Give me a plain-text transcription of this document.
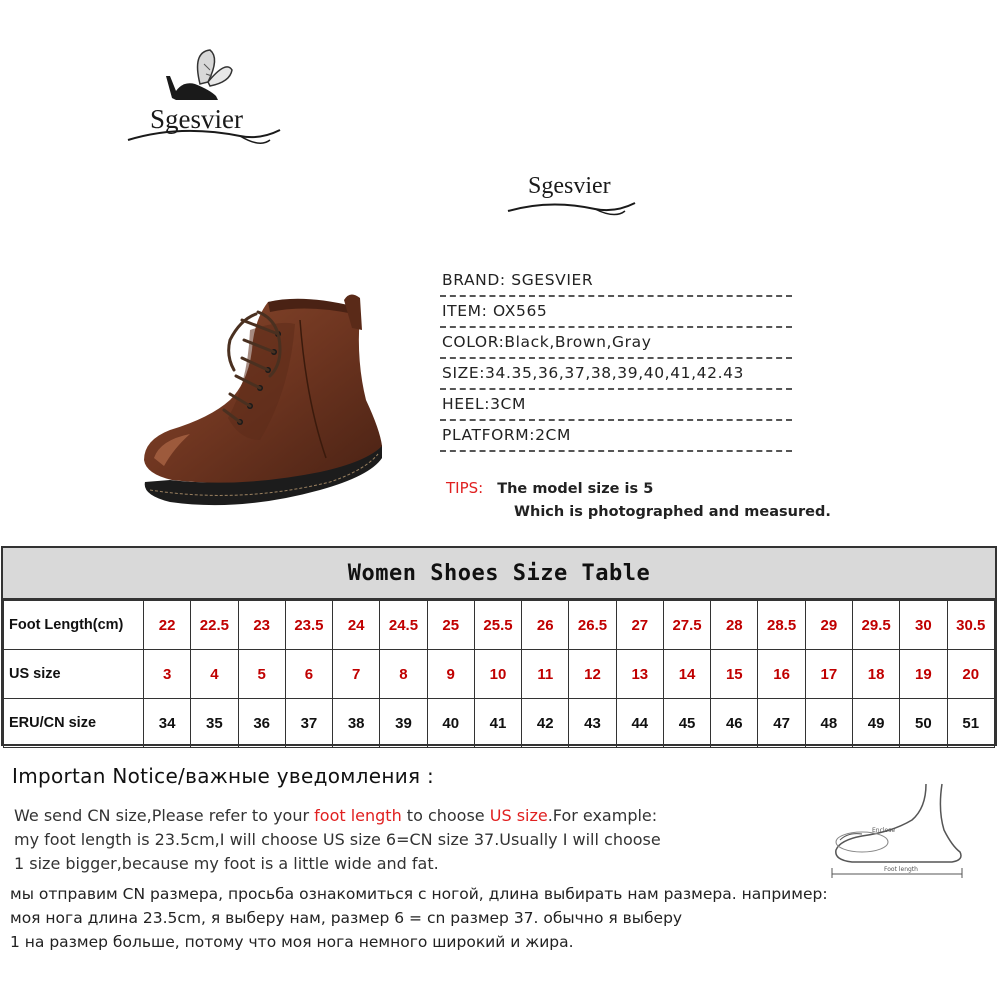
Sgesvier
Sgesvier
BRAND: SGESVIER
ITEM: OX565
COLOR:Black,Brown,Gray
SIZE:34.35,36,37,38,39,40,41,42.43
HEEL:3CM
PLATFORM:2CM
TIPS: The model size is 5
Which is photographed and measured.
Women Shoes Size Table
Foot Length(cm)	22	22.5	23	23.5	24	24.5	25	25.5	26	26.5	27	27.5	28	28.5	29	29.5	30	30.5
US size	3	4	5	6	7	8	9	10	11	12	13	14	15	16	17	18	19	20
ERU/CN size	34	35	36	37	38	39	40	41	42	43	44	45	46	47	48	49	50	51
Importan Notice/важные уведомления :
We send CN size,Please refer to your foot length to choose US size.For example:
my foot length is 23.5cm,I will choose US size 6=CN size 37.Usually I will choose
1 size bigger,because my foot is a little wide and fat.
мы отправим CN размера, просьба ознакомиться с ногой, длина выбирать нам размера. например:
моя нога длина 23.5cm, я выберу нам, размер 6 = cn размер 37. обычно я выберу
1 на размер больше, потому что моя нога немного широкий и жира.
Enclose
Foot length
